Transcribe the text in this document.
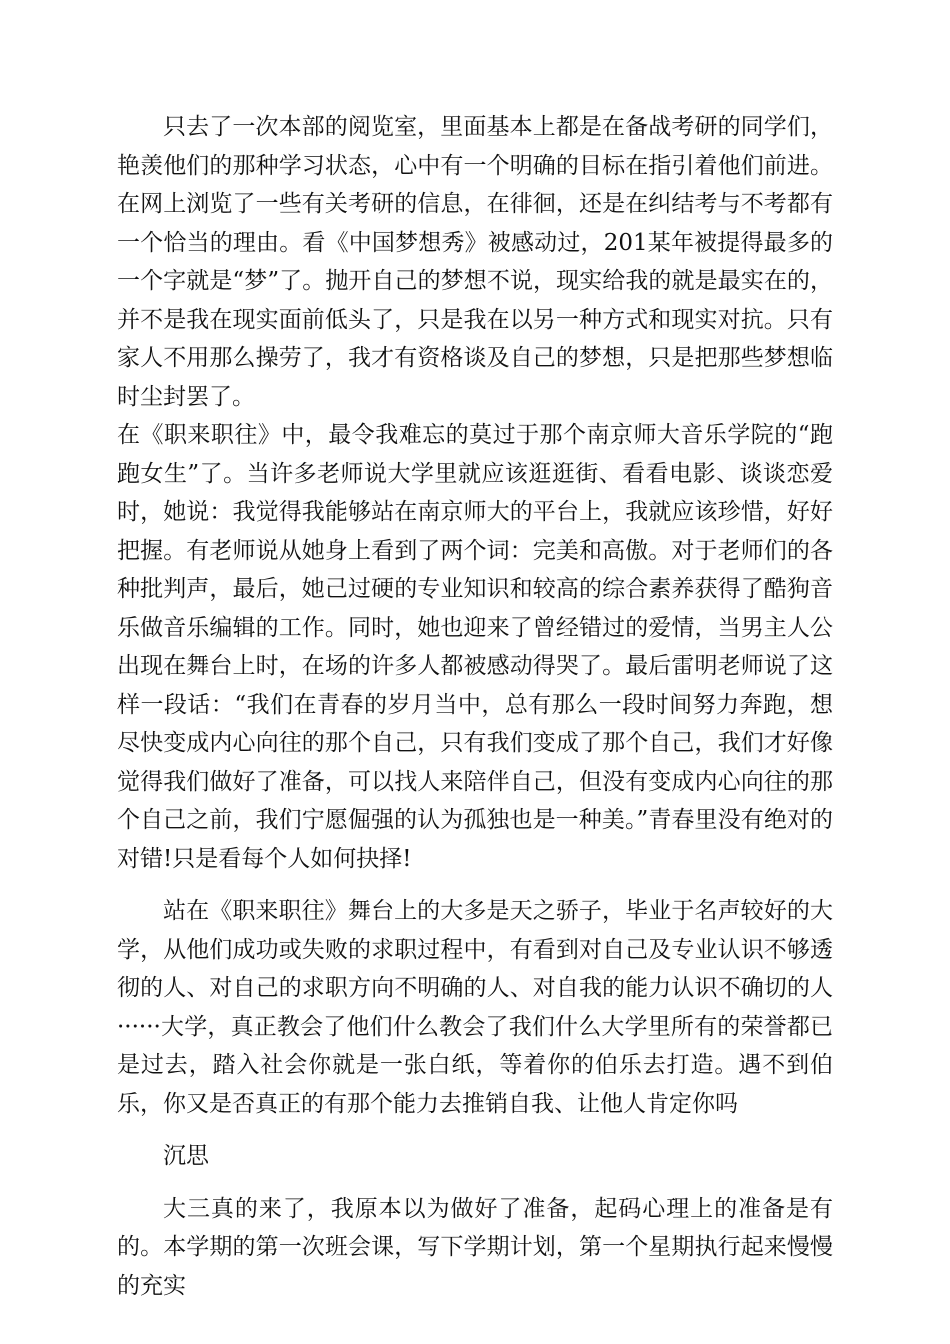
只去了一次本部的阅览室，里面基本上都是在备战考研的同学们，艳羡他们的那种学习状态，心中有一个明确的目标在指引着他们前进。在网上浏览了一些有关考研的信息，在徘徊，还是在纠结考与不考都有一个恰当的理由。看《中国梦想秀》被感动过，201某年被提得最多的一个字就是“梦”了。抛开自己的梦想不说，现实给我的就是最实在的，并不是我在现实面前低头了，只是我在以另一种方式和现实对抗。只有家人不用那么操劳了，我才有资格谈及自己的梦想，只是把那些梦想临时尘封罢了。

在《职来职往》中，最令我难忘的莫过于那个南京师大音乐学院的“跑跑女生”了。当许多老师说大学里就应该逛逛街、看看电影、谈谈恋爱时，她说：我觉得我能够站在南京师大的平台上，我就应该珍惜，好好把握。有老师说从她身上看到了两个词：完美和高傲。对于老师们的各种批判声，最后，她己过硬的专业知识和较高的综合素养获得了酷狗音乐做音乐编辑的工作。同时，她也迎来了曾经错过的爱情，当男主人公出现在舞台上时，在场的许多人都被感动得哭了。最后雷明老师说了这样一段话：“我们在青春的岁月当中，总有那么一段时间努力奔跑，想尽快变成内心向往的那个自己，只有我们变成了那个自己，我们才好像觉得我们做好了准备，可以找人来陪伴自己，但没有变成内心向往的那个自己之前，我们宁愿倔强的认为孤独也是一种美。”青春里没有绝对的对错!只是看每个人如何抉择!

站在《职来职往》舞台上的大多是天之骄子，毕业于名声较好的大学，从他们成功或失败的求职过程中，有看到对自己及专业认识不够透彻的人、对自己的求职方向不明确的人、对自我的能力认识不确切的人······大学，真正教会了他们什么教会了我们什么大学里所有的荣誉都已是过去，踏入社会你就是一张白纸，等着你的伯乐去打造。遇不到伯乐，你又是否真正的有那个能力去推销自我、让他人肯定你吗

沉思

大三真的来了，我原本以为做好了准备，起码心理上的准备是有的。本学期的第一次班会课，写下学期计划，第一个星期执行起来慢慢的充实
